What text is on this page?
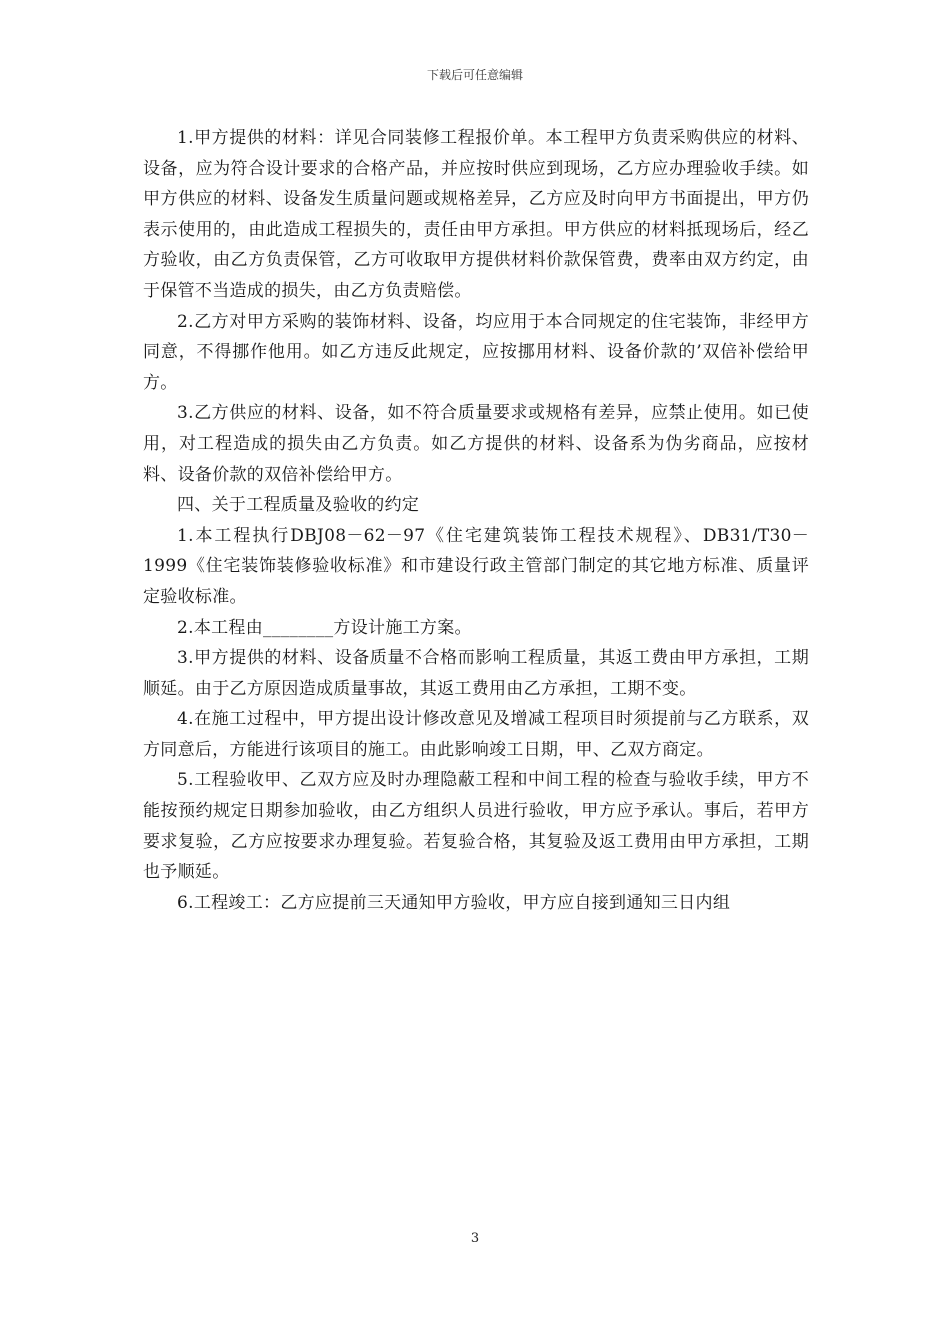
下载后可任意编辑

1.甲方提供的材料：详见合同装修工程报价单。本工程甲方负责采购供应的材料、设备，应为符合设计要求的合格产品，并应按时供应到现场，乙方应办理验收手续。如甲方供应的材料、设备发生质量问题或规格差异，乙方应及时向甲方书面提出，甲方仍表示使用的，由此造成工程损失的，责任由甲方承担。甲方供应的材料抵现场后，经乙方验收，由乙方负责保管，乙方可收取甲方提供材料价款保管费，费率由双方约定，由于保管不当造成的损失，由乙方负责赔偿。

2.乙方对甲方采购的装饰材料、设备，均应用于本合同规定的住宅装饰，非经甲方同意，不得挪作他用。如乙方违反此规定，应按挪用材料、设备价款的’双倍补偿给甲方。

3.乙方供应的材料、设备，如不符合质量要求或规格有差异，应禁止使用。如已使用，对工程造成的损失由乙方负责。如乙方提供的材料、设备系为伪劣商品，应按材料、设备价款的双倍补偿给甲方。

四、关于工程质量及验收的约定

1.本工程执行DBJ08－62－97《住宅建筑装饰工程技术规程》、DB31/T30－1999《住宅装饰装修验收标准》和市建设行政主管部门制定的其它地方标准、质量评定验收标准。

2.本工程由________方设计施工方案。

3.甲方提供的材料、设备质量不合格而影响工程质量，其返工费由甲方承担，工期顺延。由于乙方原因造成质量事故，其返工费用由乙方承担，工期不变。

4.在施工过程中，甲方提出设计修改意见及增减工程项目时须提前与乙方联系，双方同意后，方能进行该项目的施工。由此影响竣工日期，甲、乙双方商定。

5.工程验收甲、乙双方应及时办理隐蔽工程和中间工程的检查与验收手续，甲方不能按预约规定日期参加验收，由乙方组织人员进行验收，甲方应予承认。事后，若甲方要求复验，乙方应按要求办理复验。若复验合格，其复验及返工费用由甲方承担，工期也予顺延。

6.工程竣工：乙方应提前三天通知甲方验收，甲方应自接到通知三日内组

3
